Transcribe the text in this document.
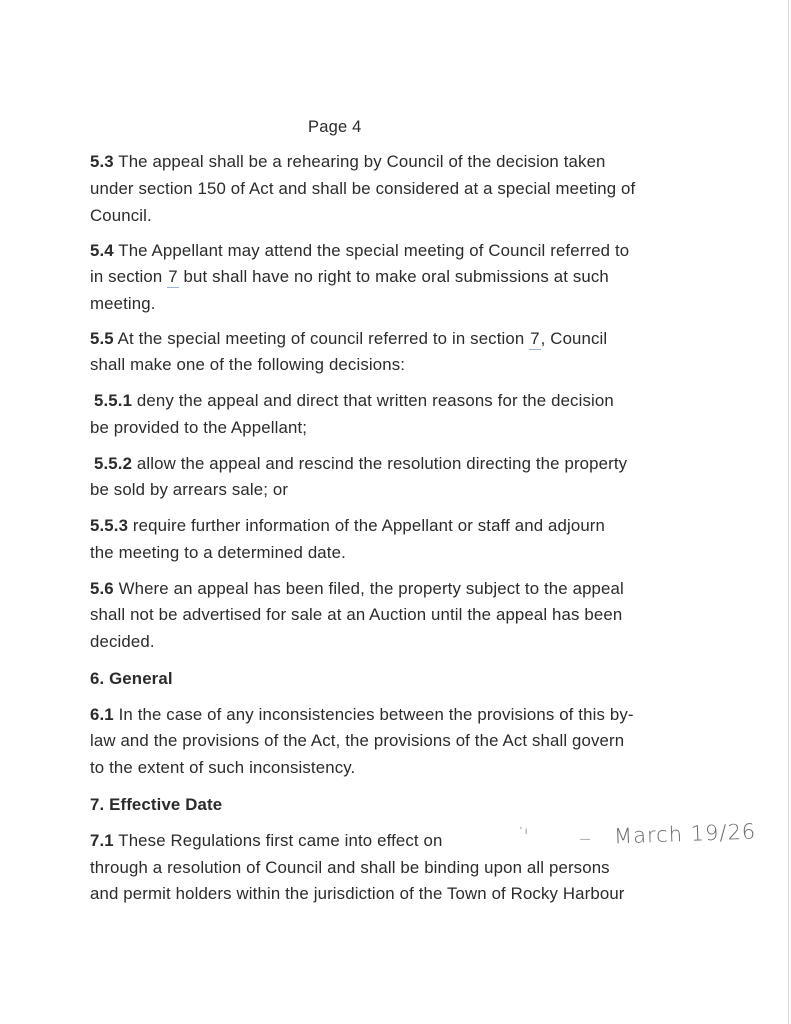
Page 4
5.3 The appeal shall be a rehearing by Council of the decision taken
under section 150 of Act and shall be considered at a special meeting of
Council.
5.4 The Appellant may attend the special meeting of Council referred to
in section 7 but shall have no right to make oral submissions at such
meeting.
5.5 At the special meeting of council referred to in section 7, Council
shall make one of the following decisions:
5.5.1 deny the appeal and direct that written reasons for the decision
be provided to the Appellant;
5.5.2 allow the appeal and rescind the resolution directing the property
be sold by arrears sale; or
5.5.3 require further information of the Appellant or staff and adjourn
the meeting to a determined date.
5.6 Where an appeal has been filed, the property subject to the appeal
shall not be advertised for sale at an Auction until the appeal has been
decided.
6. General
6.1 In the case of any inconsistencies between the provisions of this by-
law and the provisions of the Act, the provisions of the Act shall govern
to the extent of such inconsistency.
7. Effective Date
7.1 These Regulations first came into effect on	ʹ ı
— March 19/26
through a resolution of Council and shall be binding upon all persons
and permit holders within the jurisdiction of the Town of Rocky Harbour
